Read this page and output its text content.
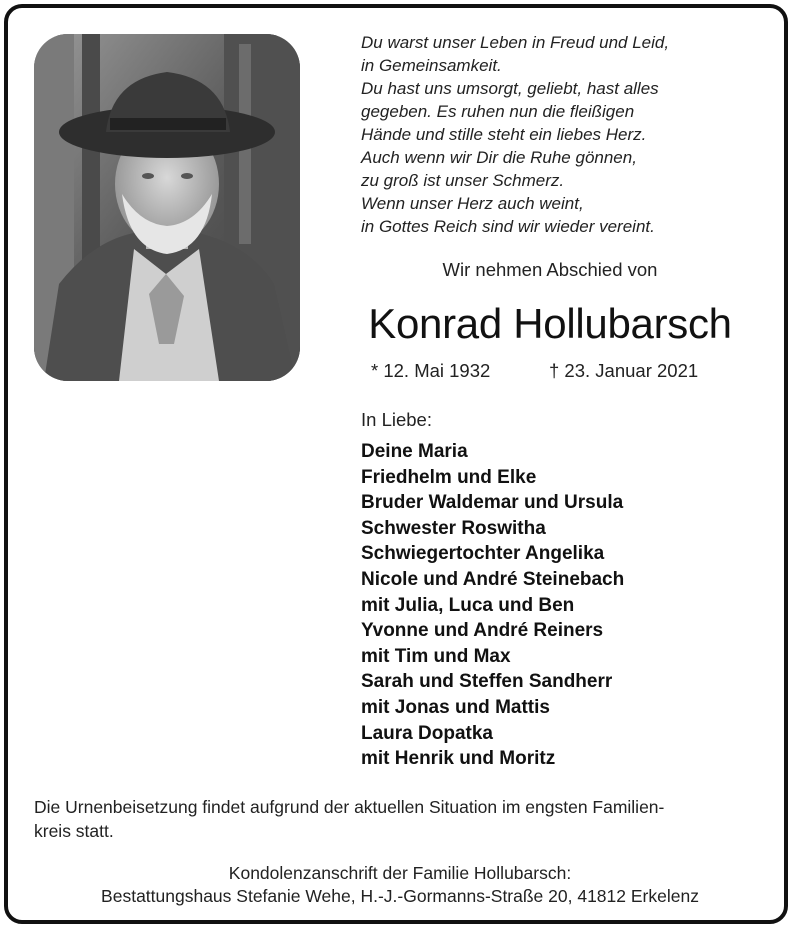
Du warst unser Leben in Freud und Leid,
in Gemeinsamkeit.
Du hast uns umsorgt, geliebt, hast alles
gegeben. Es ruhen nun die fleißigen
Hände und stille steht ein liebes Herz.
Auch wenn wir Dir die Ruhe gönnen,
zu groß ist unser Schmerz.
Wenn unser Herz auch weint,
in Gottes Reich sind wir wieder vereint.
Wir nehmen Abschied von
Konrad Hollubarsch
* 12. Mai 1932	† 23. Januar 2021
In Liebe:
Deine Maria
Friedhelm und Elke
Bruder Waldemar und Ursula
Schwester Roswitha
Schwiegertochter Angelika
Nicole und André Steinebach
mit Julia, Luca und Ben
Yvonne und André Reiners
mit Tim und Max
Sarah und Steffen Sandherr
mit Jonas und Mattis
Laura Dopatka
mit Henrik und Moritz

Die Urnenbeisetzung findet aufgrund der aktuellen Situation im engsten Familien-
kreis statt.

Kondolenzanschrift der Familie Hollubarsch:
Bestattungshaus Stefanie Wehe, H.-J.-Gormanns-Straße 20, 41812 Erkelenz
